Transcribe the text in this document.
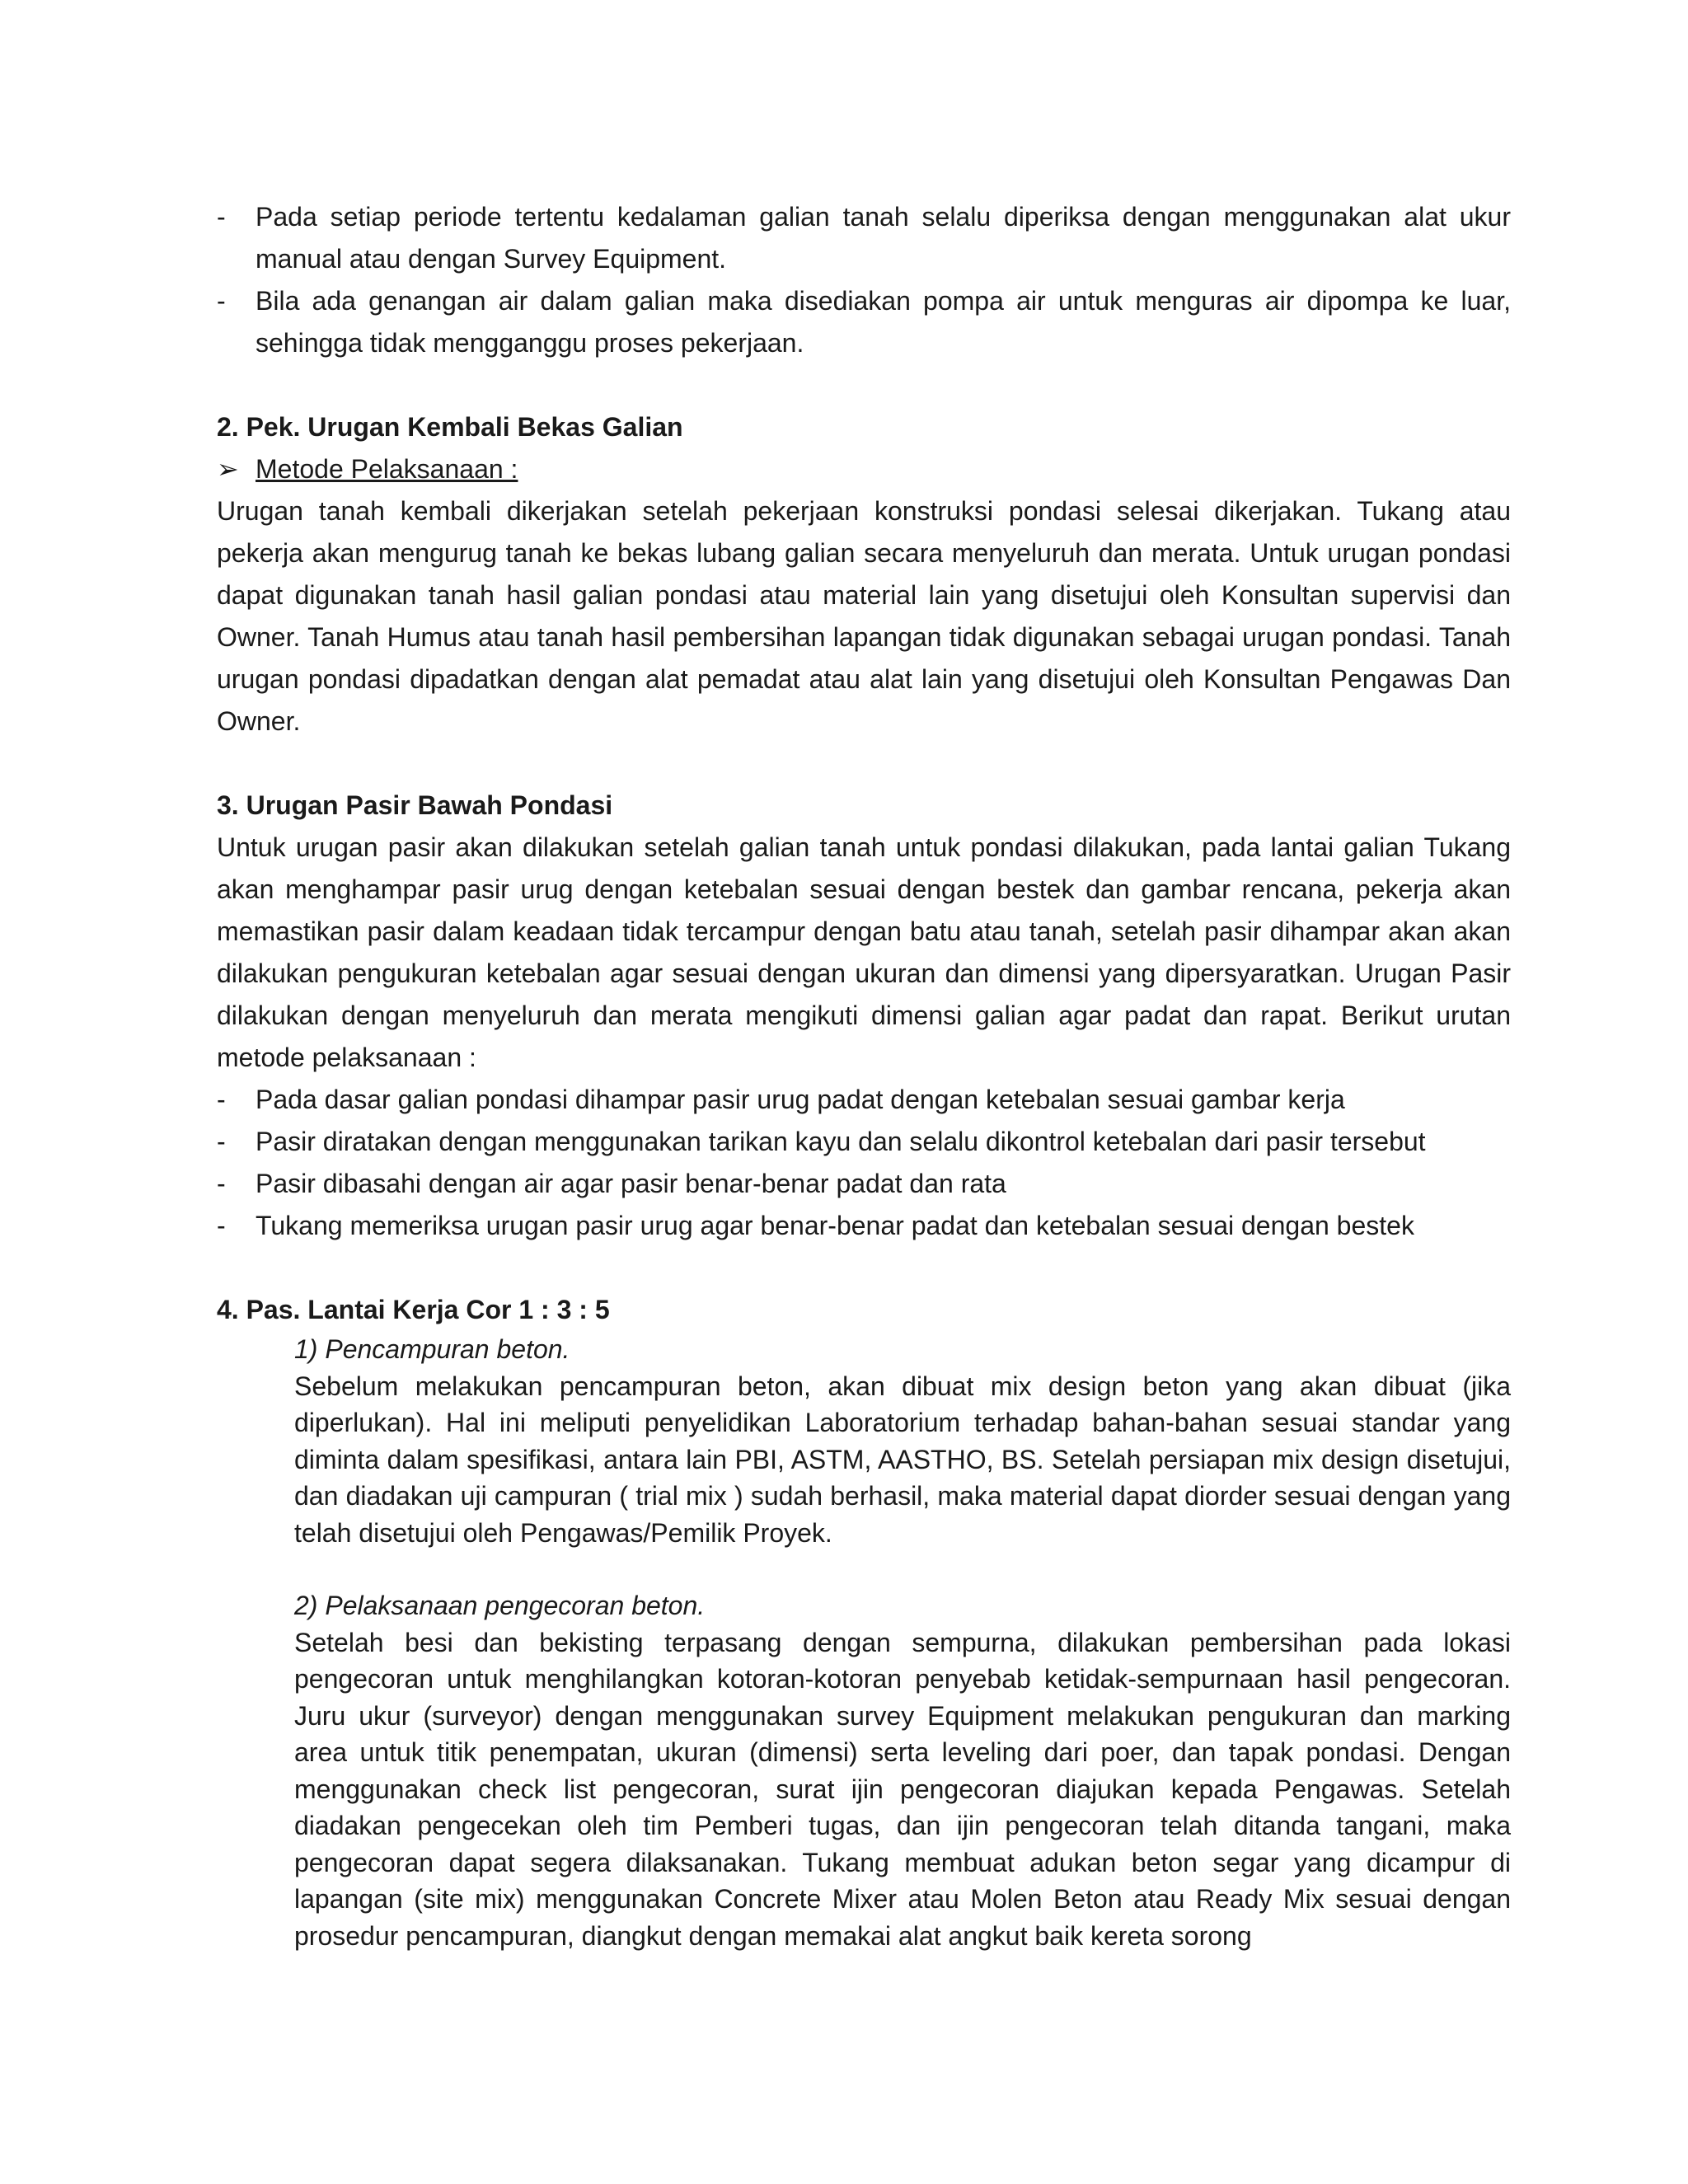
- Pada setiap periode tertentu kedalaman galian tanah selalu diperiksa dengan menggunakan alat ukur manual atau dengan Survey Equipment.
- Bila ada genangan air dalam galian maka disediakan pompa air untuk menguras air dipompa ke luar, sehingga tidak mengganggu proses pekerjaan.

2. Pek. Urugan Kembali Bekas Galian

➢ Metode Pelaksanaan :

Urugan tanah kembali dikerjakan setelah pekerjaan konstruksi pondasi selesai dikerjakan. Tukang atau pekerja akan mengurug tanah ke bekas lubang galian secara menyeluruh dan merata. Untuk urugan pondasi dapat digunakan tanah hasil galian pondasi atau material lain yang disetujui oleh Konsultan supervisi dan Owner. Tanah Humus atau tanah hasil pembersihan lapangan tidak digunakan sebagai urugan pondasi. Tanah urugan pondasi dipadatkan dengan alat pemadat atau alat lain yang disetujui oleh Konsultan Pengawas Dan Owner.

3. Urugan Pasir Bawah Pondasi

Untuk urugan pasir akan dilakukan setelah galian tanah untuk pondasi dilakukan, pada lantai galian Tukang akan menghampar pasir urug dengan ketebalan sesuai dengan bestek dan gambar rencana, pekerja akan memastikan pasir dalam keadaan tidak tercampur dengan batu atau tanah, setelah pasir dihampar akan akan dilakukan pengukuran ketebalan agar sesuai dengan ukuran dan dimensi yang dipersyaratkan. Urugan Pasir dilakukan dengan menyeluruh dan merata mengikuti dimensi galian agar padat dan rapat. Berikut urutan metode pelaksanaan :

- Pada dasar galian pondasi dihampar pasir urug padat dengan ketebalan sesuai gambar kerja
- Pasir diratakan dengan menggunakan tarikan kayu dan selalu dikontrol ketebalan dari pasir tersebut
- Pasir dibasahi dengan air agar pasir benar-benar padat dan rata
- Tukang memeriksa urugan pasir urug agar benar-benar padat dan ketebalan sesuai dengan bestek

4. Pas. Lantai Kerja Cor 1 : 3 : 5

1) Pencampuran beton.

Sebelum melakukan pencampuran beton, akan dibuat mix design beton yang akan dibuat (jika diperlukan). Hal ini meliputi penyelidikan Laboratorium terhadap bahan-bahan sesuai standar yang diminta dalam spesifikasi, antara lain PBI, ASTM, AASTHO, BS. Setelah persiapan mix design disetujui, dan diadakan uji campuran ( trial mix ) sudah berhasil, maka material dapat diorder sesuai dengan yang telah disetujui oleh Pengawas/Pemilik Proyek.

2) Pelaksanaan pengecoran beton.

Setelah besi dan bekisting terpasang dengan sempurna, dilakukan pembersihan pada lokasi pengecoran untuk menghilangkan kotoran-kotoran penyebab ketidak-sempurnaan hasil pengecoran. Juru ukur (surveyor) dengan menggunakan survey Equipment melakukan pengukuran dan marking area untuk titik penempatan, ukuran (dimensi) serta leveling dari poer, dan tapak pondasi. Dengan menggunakan check list pengecoran, surat ijin pengecoran diajukan kepada Pengawas. Setelah diadakan pengecekan oleh tim Pemberi tugas, dan ijin pengecoran telah ditanda tangani, maka pengecoran dapat segera dilaksanakan. Tukang membuat adukan beton segar yang dicampur di lapangan (site mix) menggunakan Concrete Mixer atau Molen Beton atau Ready Mix sesuai dengan prosedur pencampuran, diangkut dengan memakai alat angkut baik kereta sorong
